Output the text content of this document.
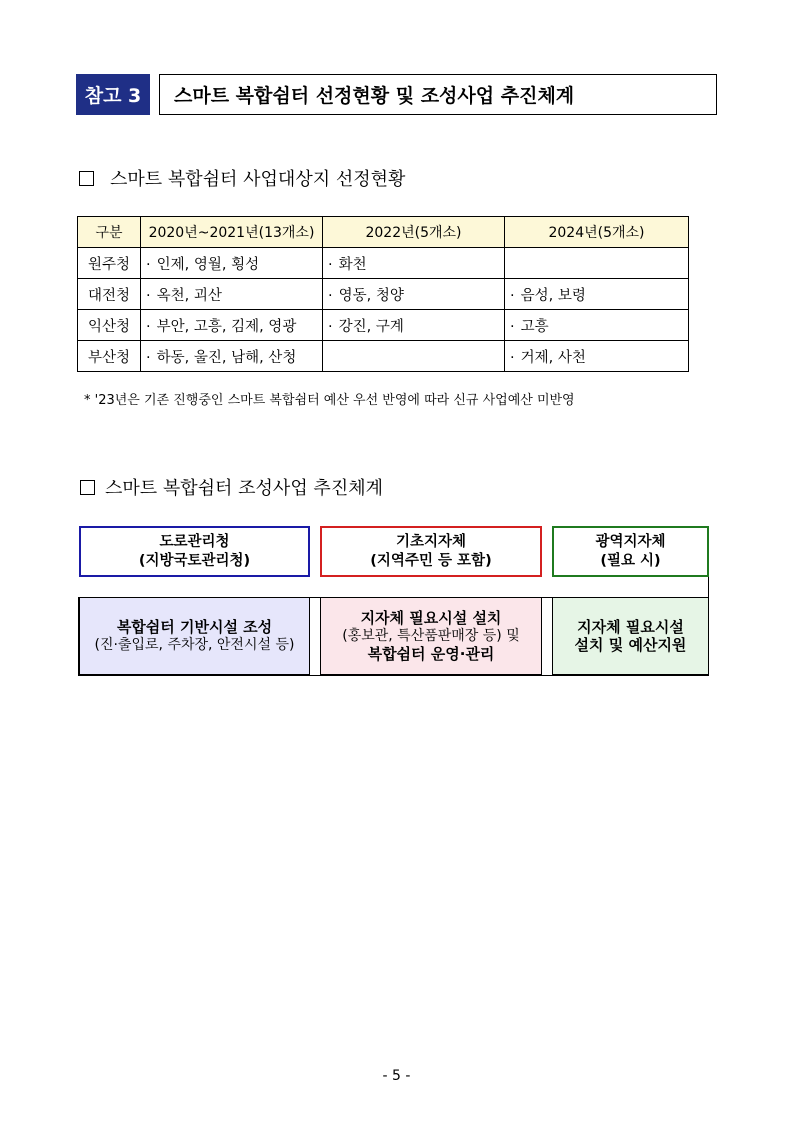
참고 3	스마트 복합쉼터 선정현황 및 조성사업 추진체계
스마트 복합쉼터 사업대상지 선정현황
구분	2020년~2021년(13개소)	2022년(5개소)	2024년(5개소)
원주청	· 인제, 영월, 횡성	· 화천	
대전청	· 옥천, 괴산	· 영동, 청양	· 음성, 보령
익산청	· 부안, 고흥, 김제, 영광	· 강진, 구계	· 고흥
부산청	· 하동, 울진, 남해, 산청		· 거제, 사천
* '23년은 기존 진행중인 스마트 복합쉼터 예산 우선 반영에 따라 신규 사업예산 미반영
스마트 복합쉼터 조성사업 추진체계
도로관리청
(지방국토관리청)
기초지자체
(지역주민 등 포함)
광역지자체
(필요 시)
복합쉼터 기반시설 조성
(진·출입로, 주차장, 안전시설 등)
지자체 필요시설 설치
(홍보관, 특산품판매장 등) 및
복합쉼터 운영·관리
지자체 필요시설
설치 및 예산지원
- 5 -
